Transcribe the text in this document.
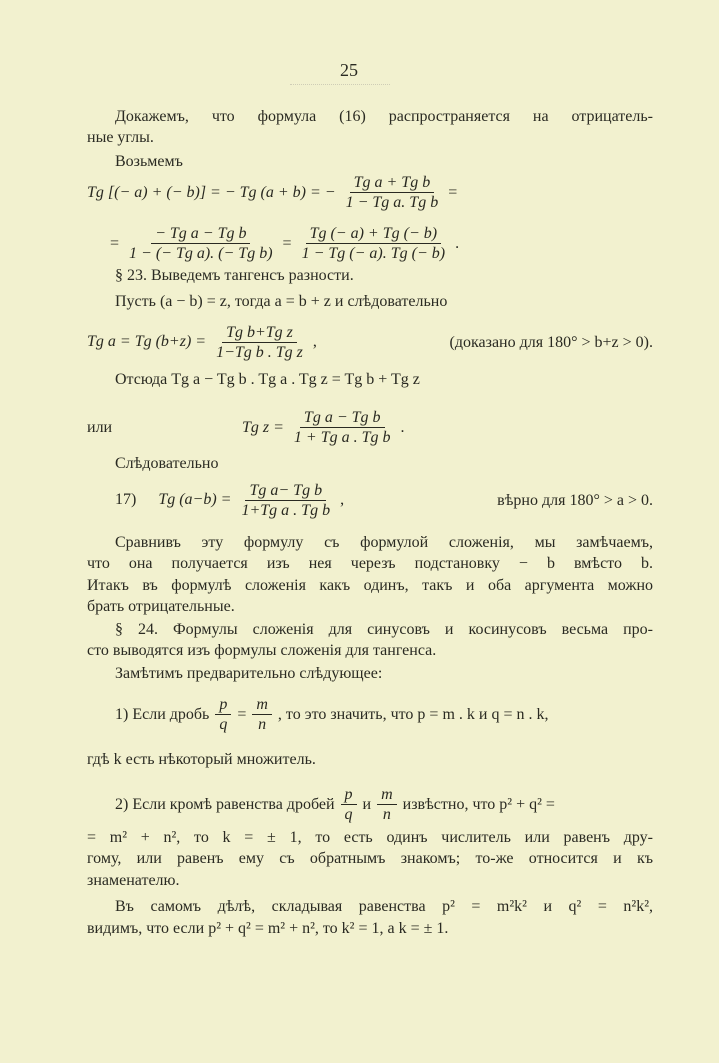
25
Докажемъ, что формула (16) распространяется на отрицатель-
ные углы.
Возьмемъ
Tg [(− a) + (− b)] = − Tg (a + b) = − $\frac{\text{Tg a + Tg b}}{\text{1 − Tg a. Tg b}}$ =
= $\frac{\text{− Tg a − Tg b}}{\text{1 − (− Tg a). (− Tg b)}} = \frac{Tg (- a) + Tg (- b)}{1 - Tg (- a). Tg (- b)}$ .
§ 23. Выведемъ тангенсъ разности.
Пусть (a − b) = z, тогда a = b + z и слѣдовательно
Tg a = Tg $(b+z) = \frac{\text{Tg b+Tg z}}{\text{1−Tg b . Tg z}}$ ,	(доказано для 180° > b+z > 0).
Отсюда Tg a − Tg b . Tg a . Tg z = Tg b + Tg z
или	Tg $z = \frac{\text{Tg a − Tg b}}{\text{1 + Tg a . Tg b}}$ .
Слѣдовательно
17) Tg $(a-b) = \frac{\text{Tg a− Tg b}}{\text{1+Tg a . Tg b}}$ ,	вѣрно для 180° > a > 0.
Сравнивъ эту формулу съ формулой сложенія, мы замѣчаемъ,
что она получается изъ нея черезъ подстановку − b вмѣсто b.
Итакъ въ формулѣ сложенія какъ одинъ, такъ и оба аргумента можно
брать отрицательные.
§ 24. Формулы сложенія для синусовъ и косинусовъ весьма про-
сто выводятся изъ формулы сложенія для тангенса.
Замѣтимъ предварительно слѣдующее:
1) Если дробь $\frac{p}{q} = \frac{m}{n}$ , то это значить, что p = m . k и q = n . k,
гдѣ k есть нѣкоторый множитель.
2) Если кромѣ равенства дробей $\frac{p}{q}$ и $\frac{m}{n}$ извѣстно, что p² + q² =
= m² + n², то k = ± 1, то есть одинъ числитель или равенъ дру-
гому, или равенъ ему съ обратнымъ знакомъ; то-же относится и къ
знаменателю.
Въ самомъ дѣлѣ, складывая равенства p² = m²k² и q² = n²k²,
видимъ, что если p² + q² = m² + n², то k² = 1, а k = ± 1.
